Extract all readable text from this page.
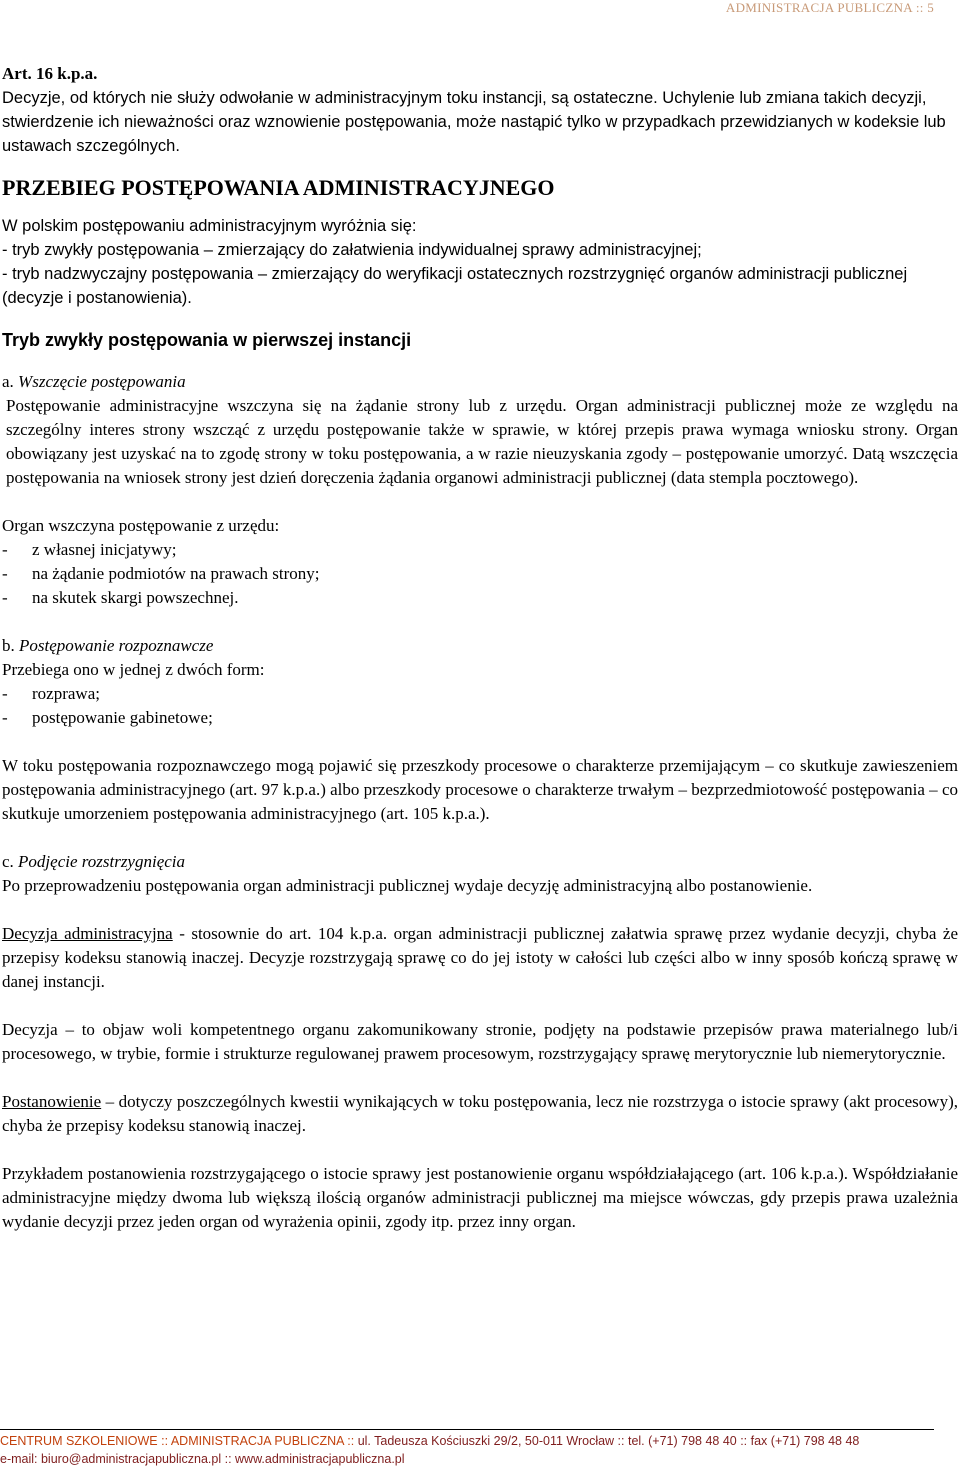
ADMINISTRACJA PUBLICZNA :: 5

Art. 16 k.p.a.

Decyzje, od których nie służy odwołanie w administracyjnym toku instancji, są ostateczne. Uchylenie lub zmiana takich decyzji, stwierdzenie ich nieważności oraz wznowienie postępowania, może nastąpić tylko w przypadkach przewidzianych w kodeksie lub ustawach szczególnych.

PRZEBIEG POSTĘPOWANIA ADMINISTRACYJNEGO

W polskim postępowaniu administracyjnym wyróżnia się:

- tryb zwykły postępowania – zmierzający do załatwienia indywidualnej sprawy administracyjnej;

- tryb nadzwyczajny postępowania – zmierzający do weryfikacji ostatecznych rozstrzygnięć organów administracji publicznej (decyzje i postanowienia).

Tryb zwykły postępowania w pierwszej instancji

a. Wszczęcie postępowania

Postępowanie administracyjne wszczyna się na żądanie strony lub z urzędu. Organ administracji publicznej może ze względu na szczególny interes strony wszcząć z urzędu postępowanie także w sprawie, w której przepis prawa wymaga wniosku strony. Organ obowiązany jest uzyskać na to zgodę strony w toku postępowania, a w razie nieuzyskania zgody – postępowanie umorzyć. Datą wszczęcia postępowania na wniosek strony jest dzień doręczenia żądania organowi administracji publicznej (data stempla pocztowego).

Organ wszczyna postępowanie z urzędu:

-	z własnej inicjatywy;
-	na żądanie podmiotów na prawach strony;
-	na skutek skargi powszechnej.

b. Postępowanie rozpoznawcze

Przebiega ono w jednej z dwóch form:

-	rozprawa;
-	postępowanie gabinetowe;

W toku postępowania rozpoznawczego mogą pojawić się przeszkody procesowe o charakterze przemijającym – co skutkuje zawieszeniem postępowania administracyjnego (art. 97 k.p.a.) albo przeszkody procesowe o charakterze trwałym – bezprzedmiotowość postępowania – co skutkuje umorzeniem postępowania administracyjnego (art. 105 k.p.a.).

c. Podjęcie rozstrzygnięcia

Po przeprowadzeniu postępowania organ administracji publicznej wydaje decyzję administracyjną albo postanowienie.

Decyzja administracyjna - stosownie do art. 104 k.p.a. organ administracji publicznej załatwia sprawę przez wydanie decyzji, chyba że przepisy kodeksu stanowią inaczej. Decyzje rozstrzygają sprawę co do jej istoty w całości lub części albo w inny sposób kończą sprawę w danej instancji.

Decyzja – to objaw woli kompetentnego organu zakomunikowany stronie, podjęty na podstawie przepisów prawa materialnego lub/i procesowego, w trybie, formie i strukturze regulowanej prawem procesowym, rozstrzygający sprawę merytorycznie lub niemerytorycznie.

Postanowienie – dotyczy poszczególnych kwestii wynikających w toku postępowania, lecz nie rozstrzyga o istocie sprawy (akt procesowy), chyba że przepisy kodeksu stanowią inaczej.

Przykładem postanowienia rozstrzygającego o istocie sprawy jest postanowienie organu współdziałającego (art. 106 k.p.a.). Współdziałanie administracyjne między dwoma lub większą ilością organów administracji publicznej ma miejsce wówczas, gdy przepis prawa uzależnia wydanie decyzji przez jeden organ od wyrażenia opinii, zgody itp. przez inny organ.

CENTRUM SZKOLENIOWE :: ADMINISTRACJA PUBLICZNA :: ul. Tadeusza Kościuszki 29/2, 50-011 Wrocław :: tel. (+71) 798 48 40 :: fax (+71) 798 48 48
e-mail: biuro@administracjapubliczna.pl :: www.administracjapubliczna.pl
